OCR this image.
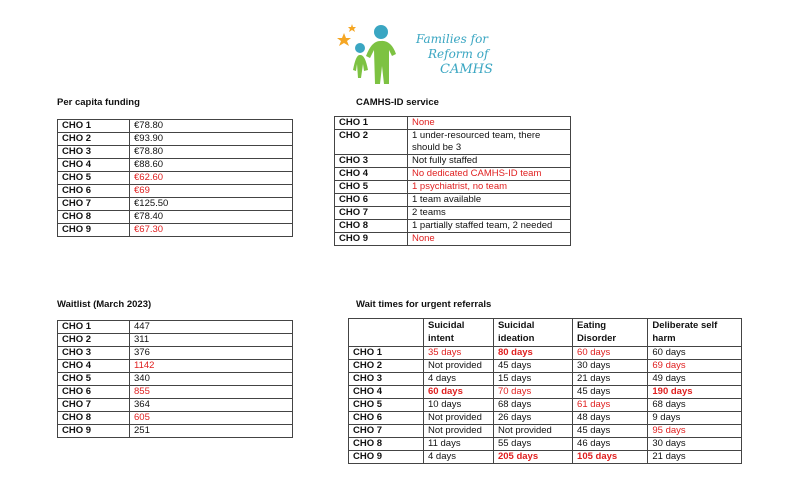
Families for
Reform of
CAMHS
Per capita funding
CHO 1	€78.80
CHO 2	€93.90
CHO 3	€78.80
CHO 4	€88.60
CHO 5	€62.60
CHO 6	€69
CHO 7	€125.50
CHO 8	€78.40
CHO 9	€67.30
CAMHS-ID service
CHO 1	None
CHO 2	1 under-resourced team, there should be 3
CHO 3	Not fully staffed
CHO 4	No dedicated CAMHS-ID team
CHO 5	1 psychiatrist, no team
CHO 6	1 team available
CHO 7	2 teams
CHO 8	1 partially staffed team, 2 needed
CHO 9	None
Waitlist (March 2023)
CHO 1	447
CHO 2	311
CHO 3	376
CHO 4	1142
CHO 5	340
CHO 6	855
CHO 7	364
CHO 8	605
CHO 9	251
Wait times for urgent referrals
	Suicidal intent	Suicidal ideation	Eating Disorder	Deliberate self harm
CHO 1	35 days	80 days	60 days	60 days
CHO 2	Not provided	45 days	30 days	69 days
CHO 3	4 days	15 days	21 days	49 days
CHO 4	60 days	70 days	45 days	190 days
CHO 5	10 days	68 days	61 days	68 days
CHO 6	Not provided	26 days	48 days	9 days
CHO 7	Not provided	Not provided	45 days	95 days
CHO 8	11 days	55 days	46 days	30 days
CHO 9	4 days	205 days	105 days	21 days
